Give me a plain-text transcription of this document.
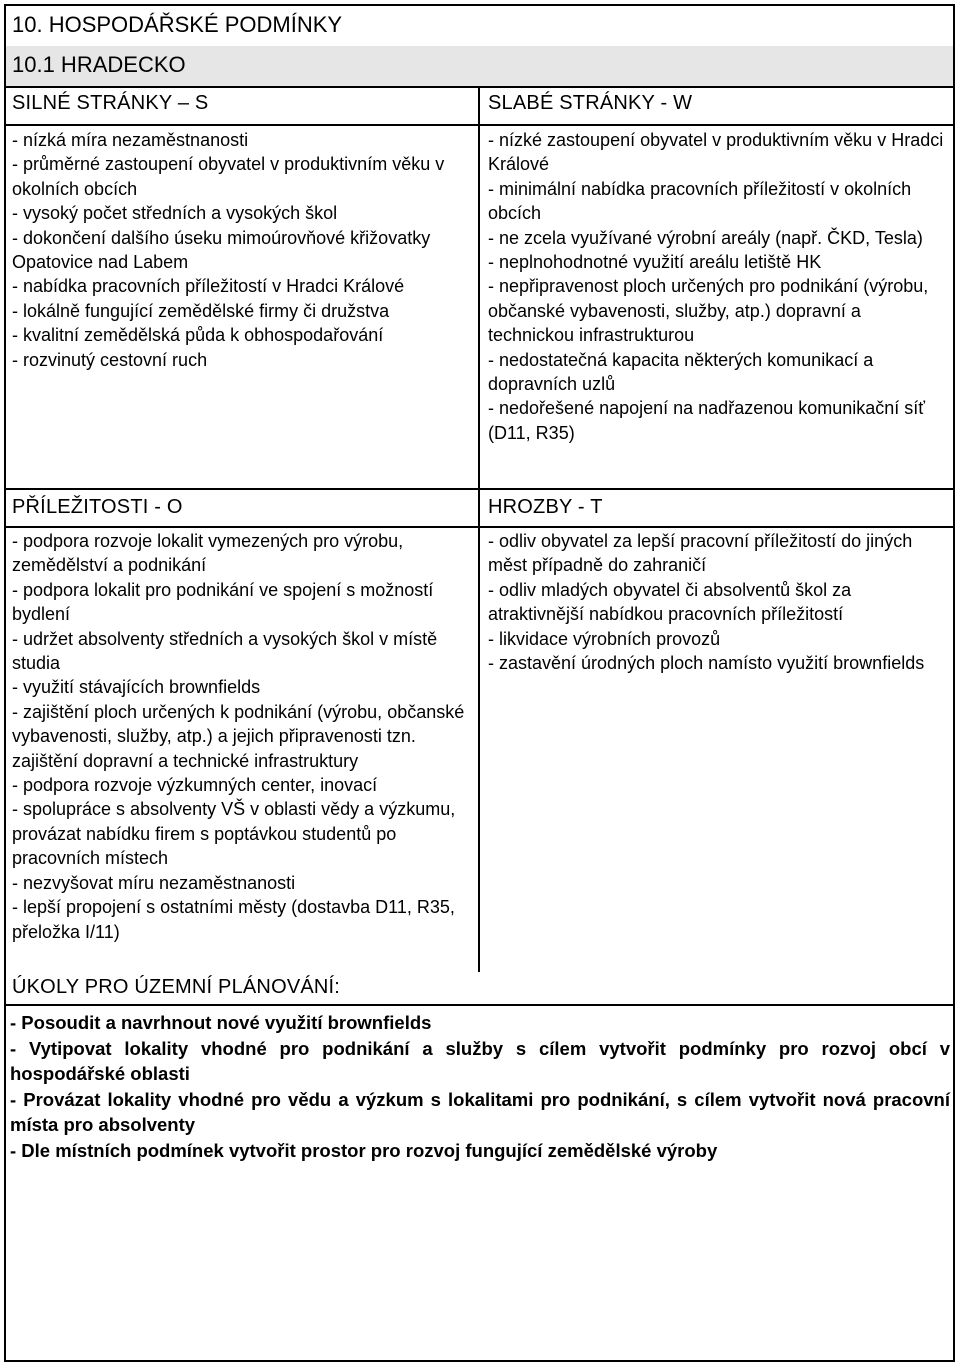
10. HOSPODÁŘSKÉ PODMÍNKY
10.1 HRADECKO
SILNÉ STRÁNKY – S	SLABÉ STRÁNKY - W
- nízká míra nezaměstnanosti
- průměrné zastoupení obyvatel v produktivním věku v okolních obcích
- vysoký počet středních a vysokých škol
- dokončení dalšího úseku mimoúrovňové křižovatky Opatovice nad Labem
- nabídka pracovních příležitostí v Hradci Králové
- lokálně fungující zemědělské firmy či družstva
- kvalitní zemědělská půda k obhospodařování
- rozvinutý cestovní ruch
- nízké zastoupení obyvatel v produktivním věku v Hradci Králové
- minimální nabídka pracovních příležitostí v okolních obcích
- ne zcela využívané výrobní areály (např. ČKD, Tesla)
- neplnohodnotné využití areálu letiště HK
- nepřipravenost ploch určených pro podnikání (výrobu, občanské vybavenosti, služby, atp.) dopravní a technickou infrastrukturou
- nedostatečná kapacita některých komunikací a dopravních uzlů
- nedořešené napojení na nadřazenou komunikační síť (D11, R35)
PŘÍLEŽITOSTI - O	HROZBY - T
- podpora rozvoje lokalit vymezených pro výrobu, zemědělství a podnikání
- podpora lokalit pro podnikání ve spojení s možností bydlení
- udržet absolventy středních a vysokých škol v místě studia
- využití stávajících brownfields
- zajištění ploch určených k podnikání (výrobu, občanské vybavenosti, služby, atp.) a jejich připravenosti tzn. zajištění dopravní a technické infrastruktury
- podpora rozvoje výzkumných center, inovací
- spolupráce s absolventy VŠ v oblasti vědy a výzkumu, provázat nabídku firem s poptávkou studentů po pracovních místech
- nezvyšovat míru nezaměstnanosti
- lepší propojení s ostatními městy (dostavba D11, R35, přeložka I/11)
- odliv obyvatel za lepší pracovní příležitostí do jiných měst případně do zahraničí
- odliv mladých obyvatel či absolventů škol za atraktivnější nabídkou pracovních příležitostí
- likvidace výrobních provozů
- zastavění úrodných ploch namísto využití brownfields
ÚKOLY PRO ÚZEMNÍ PLÁNOVÁNÍ:
- Posoudit a navrhnout nové využití brownfields
- Vytipovat lokality vhodné pro podnikání a služby s cílem vytvořit podmínky pro rozvoj obcí v hospodářské oblasti
- Provázat lokality vhodné pro vědu a výzkum s lokalitami pro podnikání, s cílem vytvořit nová pracovní místa pro absolventy
- Dle místních podmínek vytvořit prostor pro rozvoj fungující zemědělské výroby
